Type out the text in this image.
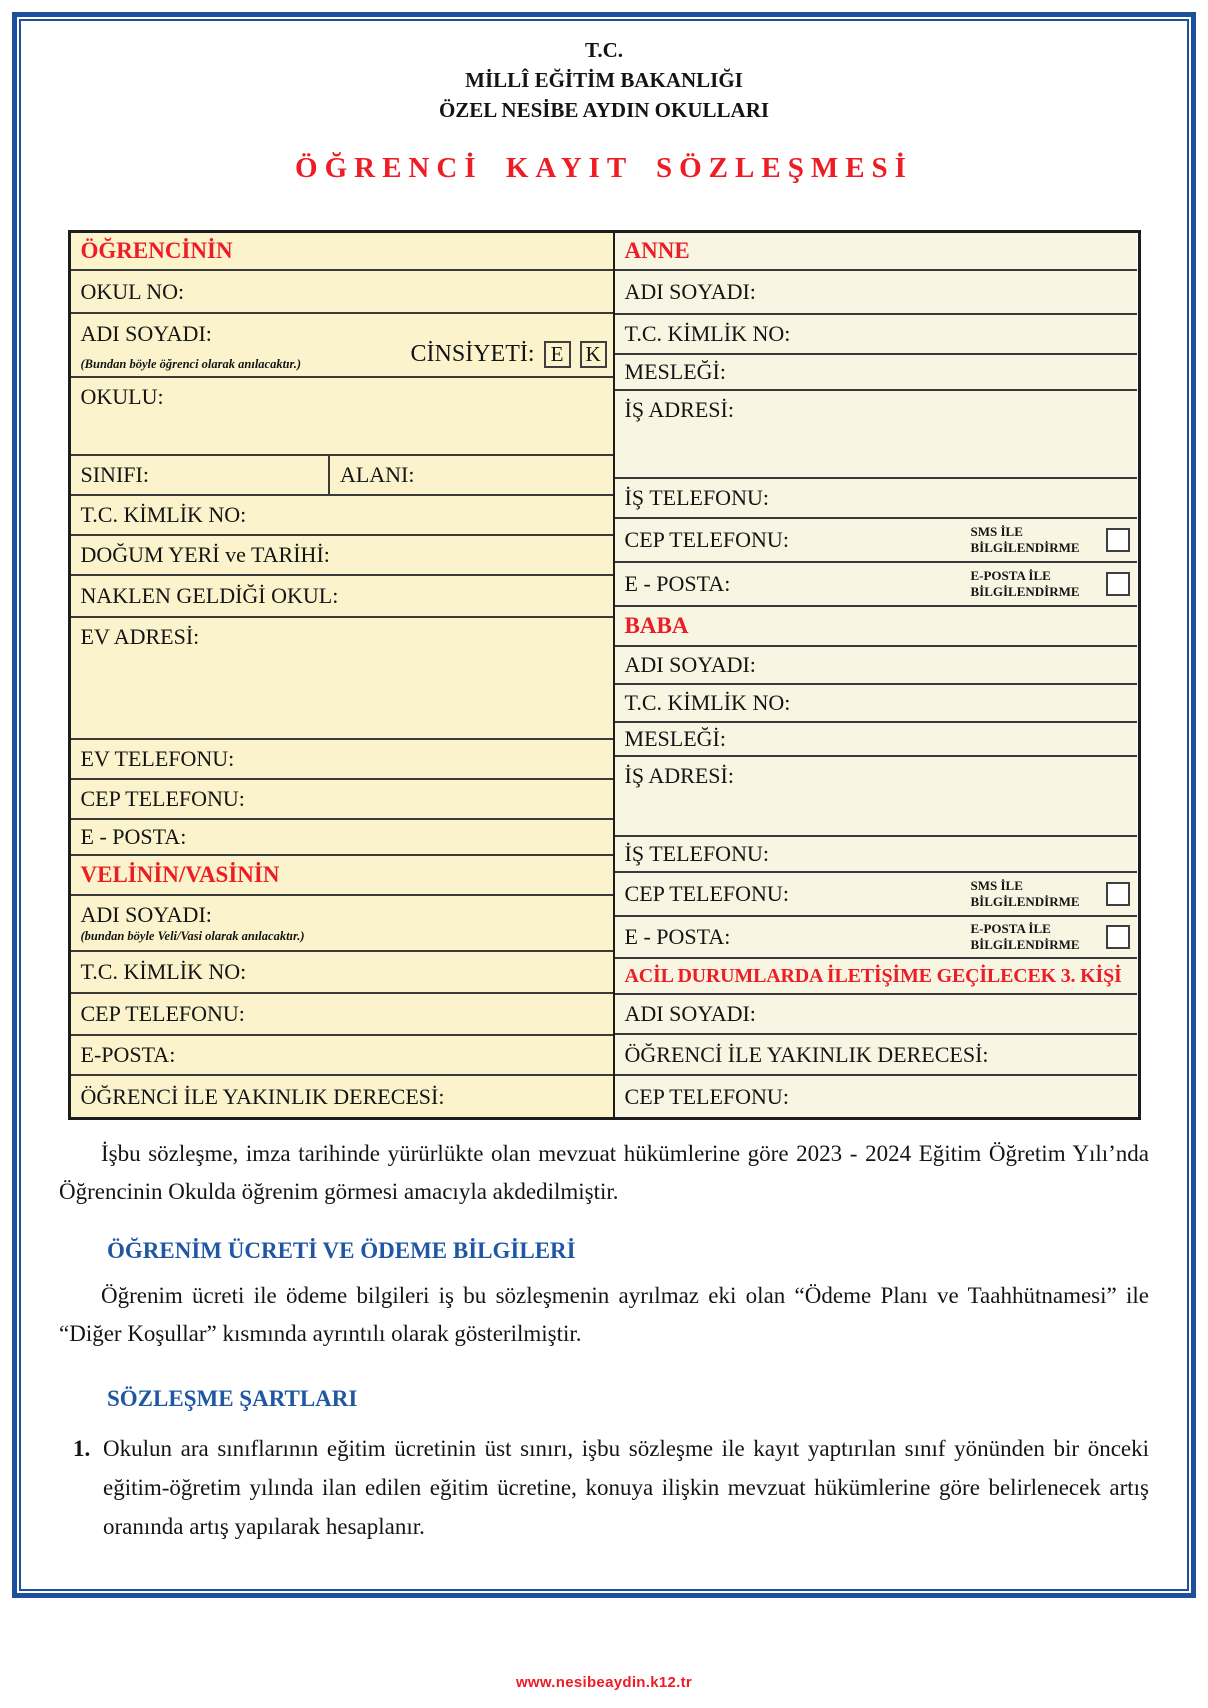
T.C.
MİLLÎ EĞİTİM BAKANLIĞI
ÖZEL NESİBE AYDIN OKULLARI
ÖĞRENCİ KAYIT SÖZLEŞMESİ
ÖĞRENCİNİN
OKUL NO:
ADI SOYADI:
(Bundan böyle öğrenci olarak anılacaktır.)	CİNSİYETİ: E	K
OKULU:
SINIFI:	ALANI:
T.C. KİMLİK NO:
DOĞUM YERİ ve TARİHİ:
NAKLEN GELDİĞİ OKUL:
EV ADRESİ:
EV TELEFONU:
CEP TELEFONU:
E - POSTA:
VELİNİN/VASİNİN
ADI SOYADI:
(bundan böyle Veli/Vasi olarak anılacaktır.)
T.C. KİMLİK NO:
CEP TELEFONU:
E-POSTA:
ÖĞRENCİ İLE YAKINLIK DERECESİ:
ANNE
ADI SOYADI:
T.C. KİMLİK NO:
MESLEĞİ:
İŞ ADRESİ:
İŞ TELEFONU:
CEP TELEFONU:	SMS İLE BİLGİLENDİRME
E - POSTA:	E-POSTA İLE BİLGİLENDİRME
BABA
ADI SOYADI:
T.C. KİMLİK NO:
MESLEĞİ:
İŞ ADRESİ:
İŞ TELEFONU:
CEP TELEFONU:	SMS İLE BİLGİLENDİRME
E - POSTA:	E-POSTA İLE BİLGİLENDİRME
ACİL DURUMLARDA İLETİŞİME GEÇİLECEK 3. KİŞİ
ADI SOYADI:
ÖĞRENCİ İLE YAKINLIK DERECESİ:
CEP TELEFONU:

İşbu sözleşme, imza tarihinde yürürlükte olan mevzuat hükümlerine göre 2023 - 2024 Eğitim Öğretim Yılı’nda Öğrencinin Okulda öğrenim görmesi amacıyla akdedilmiştir.

ÖĞRENİM ÜCRETİ VE ÖDEME BİLGİLERİ

Öğrenim ücreti ile ödeme bilgileri iş bu sözleşmenin ayrılmaz eki olan “Ödeme Planı ve Taahhütnamesi” ile “Diğer Koşullar” kısmında ayrıntılı olarak gösterilmiştir.

SÖZLEŞME ŞARTLARI
1. Okulun ara sınıflarının eğitim ücretinin üst sınırı, işbu sözleşme ile kayıt yaptırılan sınıf yönünden bir önceki eğitim-öğretim yılında ilan edilen eğitim ücretine, konuya ilişkin mevzuat hükümlerine göre belirlenecek artış oranında artış yapılarak hesaplanır.
www.nesibeaydin.k12.tr
